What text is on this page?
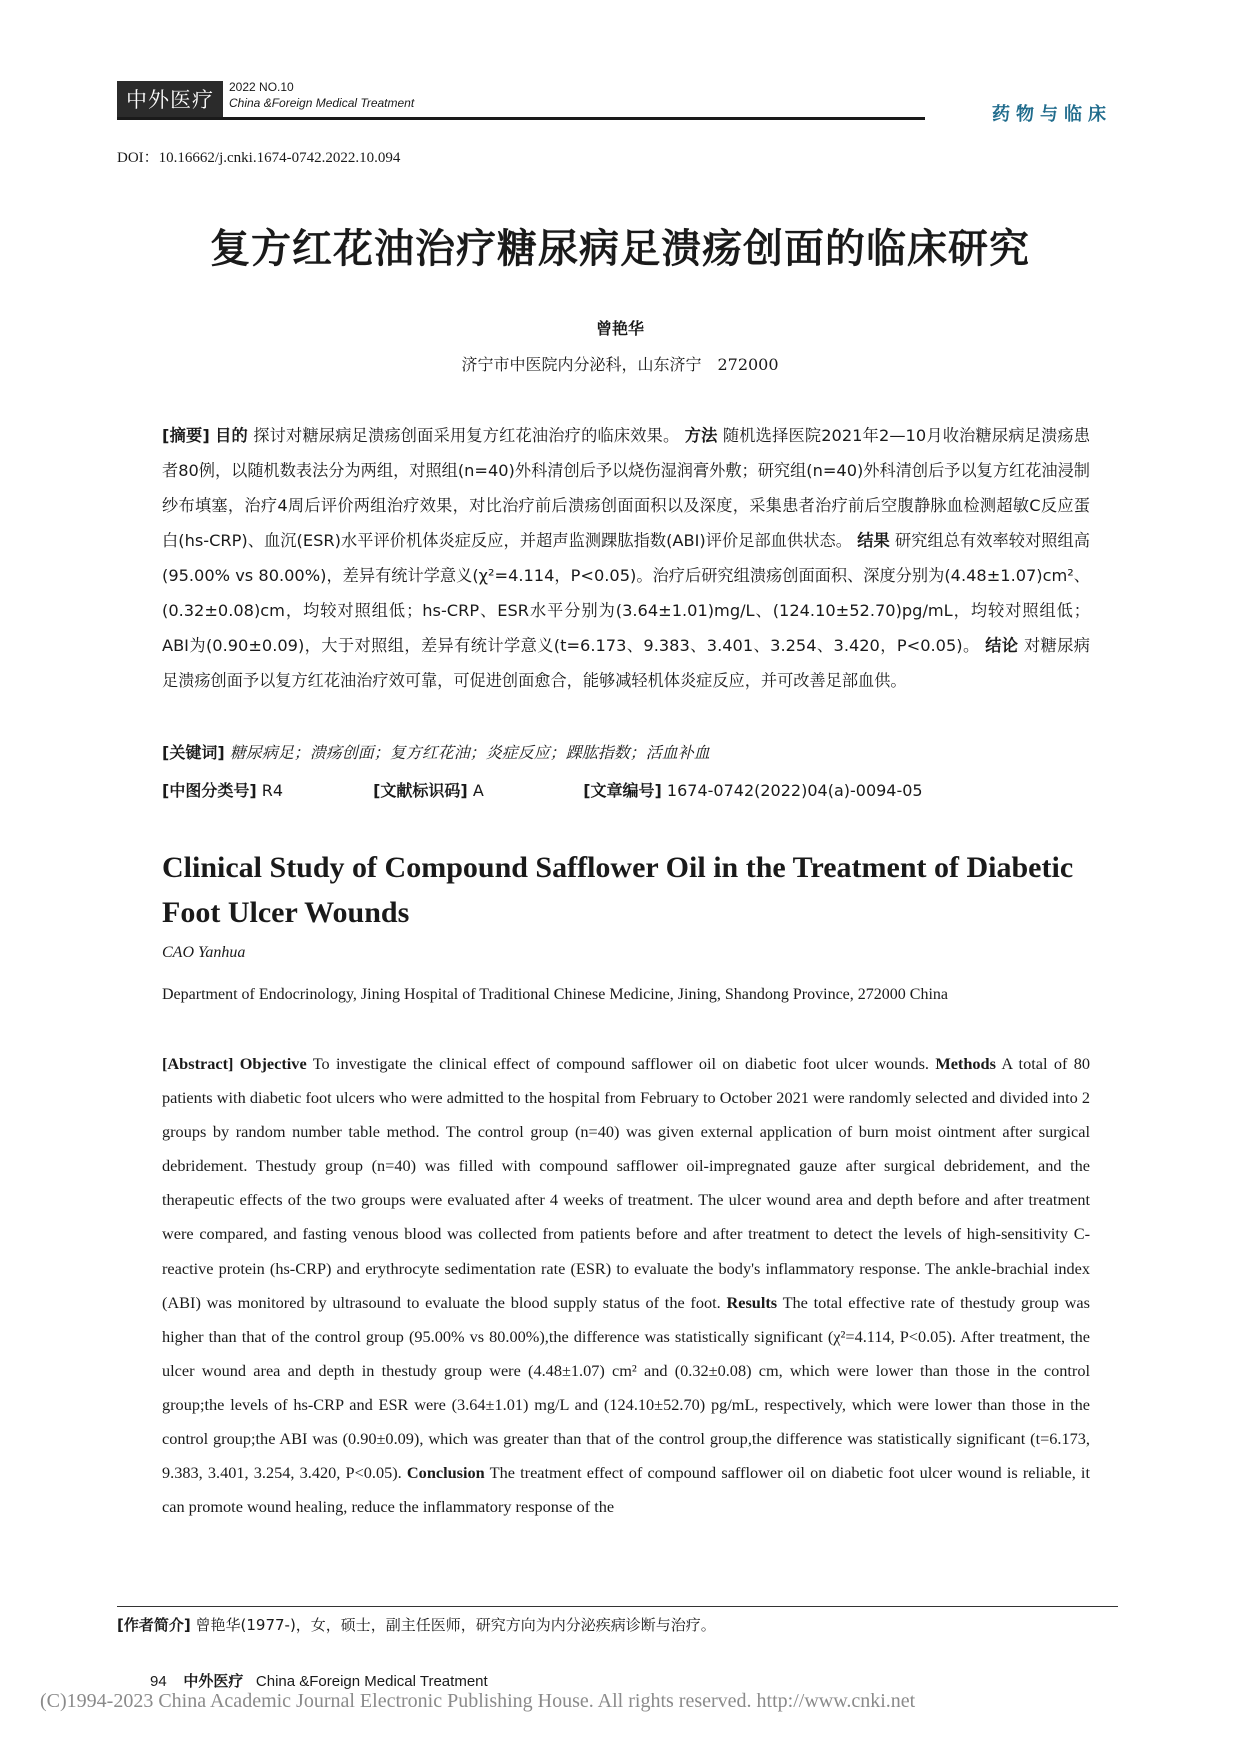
中外医疗
2022 NO.10
China &Foreign Medical Treatment
药物与临床
DOI：10.16662/j.cnki.1674-0742.2022.10.094
复方红花油治疗糖尿病足溃疡创面的临床研究
曾艳华
济宁市中医院内分泌科，山东济宁　272000
[摘要] 目的 探讨对糖尿病足溃疡创面采用复方红花油治疗的临床效果。 方法 随机选择医院2021年2—10月收治糖尿病足溃疡患者80例，以随机数表法分为两组，对照组(n=40)外科清创后予以烧伤湿润膏外敷；研究组(n=40)外科清创后予以复方红花油浸制纱布填塞，治疗4周后评价两组治疗效果，对比治疗前后溃疡创面面积以及深度，采集患者治疗前后空腹静脉血检测超敏C反应蛋白(hs-CRP)、血沉(ESR)水平评价机体炎症反应，并超声监测踝肱指数(ABI)评价足部血供状态。 结果 研究组总有效率较对照组高(95.00% vs 80.00%)，差异有统计学意义(χ²=4.114，P<0.05)。治疗后研究组溃疡创面面积、深度分别为(4.48±1.07)cm²、(0.32±0.08)cm，均较对照组低；hs-CRP、ESR水平分别为(3.64±1.01)mg/L、(124.10±52.70)pg/mL，均较对照组低；ABI为(0.90±0.09)，大于对照组，差异有统计学意义(t=6.173、9.383、3.401、3.254、3.420，P<0.05)。 结论 对糖尿病足溃疡创面予以复方红花油治疗效可靠，可促进创面愈合，能够减轻机体炎症反应，并可改善足部血供。
[关键词] 糖尿病足；溃疡创面；复方红花油；炎症反应；踝肱指数；活血补血
[中图分类号] R4	[文献标识码] A	[文章编号] 1674-0742(2022)04(a)-0094-05
Clinical Study of Compound Safflower Oil in the Treatment of Diabetic Foot Ulcer Wounds
CAO Yanhua
Department of Endocrinology, Jining Hospital of Traditional Chinese Medicine, Jining, Shandong Province, 272000 China
[Abstract] Objective To investigate the clinical effect of compound safflower oil on diabetic foot ulcer wounds. Methods A total of 80 patients with diabetic foot ulcers who were admitted to the hospital from February to October 2021 were randomly selected and divided into 2 groups by random number table method. The control group (n=40) was given external application of burn moist ointment after surgical debridement. Thestudy group (n=40) was filled with compound safflower oil-impregnated gauze after surgical debridement, and the therapeutic effects of the two groups were evaluated after 4 weeks of treatment. The ulcer wound area and depth before and after treatment were compared, and fasting venous blood was collected from patients before and after treatment to detect the levels of high-sensitivity C-reactive protein (hs-CRP) and erythrocyte sedimentation rate (ESR) to evaluate the body's inflammatory response. The ankle-brachial index (ABI) was monitored by ultrasound to evaluate the blood supply status of the foot. Results The total effective rate of thestudy group was higher than that of the control group (95.00% vs 80.00%),the difference was statistically significant (χ²=4.114, P<0.05). After treatment, the ulcer wound area and depth in thestudy group were (4.48±1.07) cm² and (0.32±0.08) cm, which were lower than those in the control group;the levels of hs-CRP and ESR were (3.64±1.01) mg/L and (124.10±52.70) pg/mL, respectively, which were lower than those in the control group;the ABI was (0.90±0.09), which was greater than that of the control group,the difference was statistically significant (t=6.173, 9.383, 3.401, 3.254, 3.420, P<0.05). Conclusion The treatment effect of compound safflower oil on diabetic foot ulcer wound is reliable, it can promote wound healing, reduce the inflammatory response of the
[作者简介] 曾艳华(1977-)，女，硕士，副主任医师，研究方向为内分泌疾病诊断与治疗。
94 中外医疗 China &Foreign Medical Treatment
(C)1994-2023 China Academic Journal Electronic Publishing House. All rights reserved. http://www.cnki.net
